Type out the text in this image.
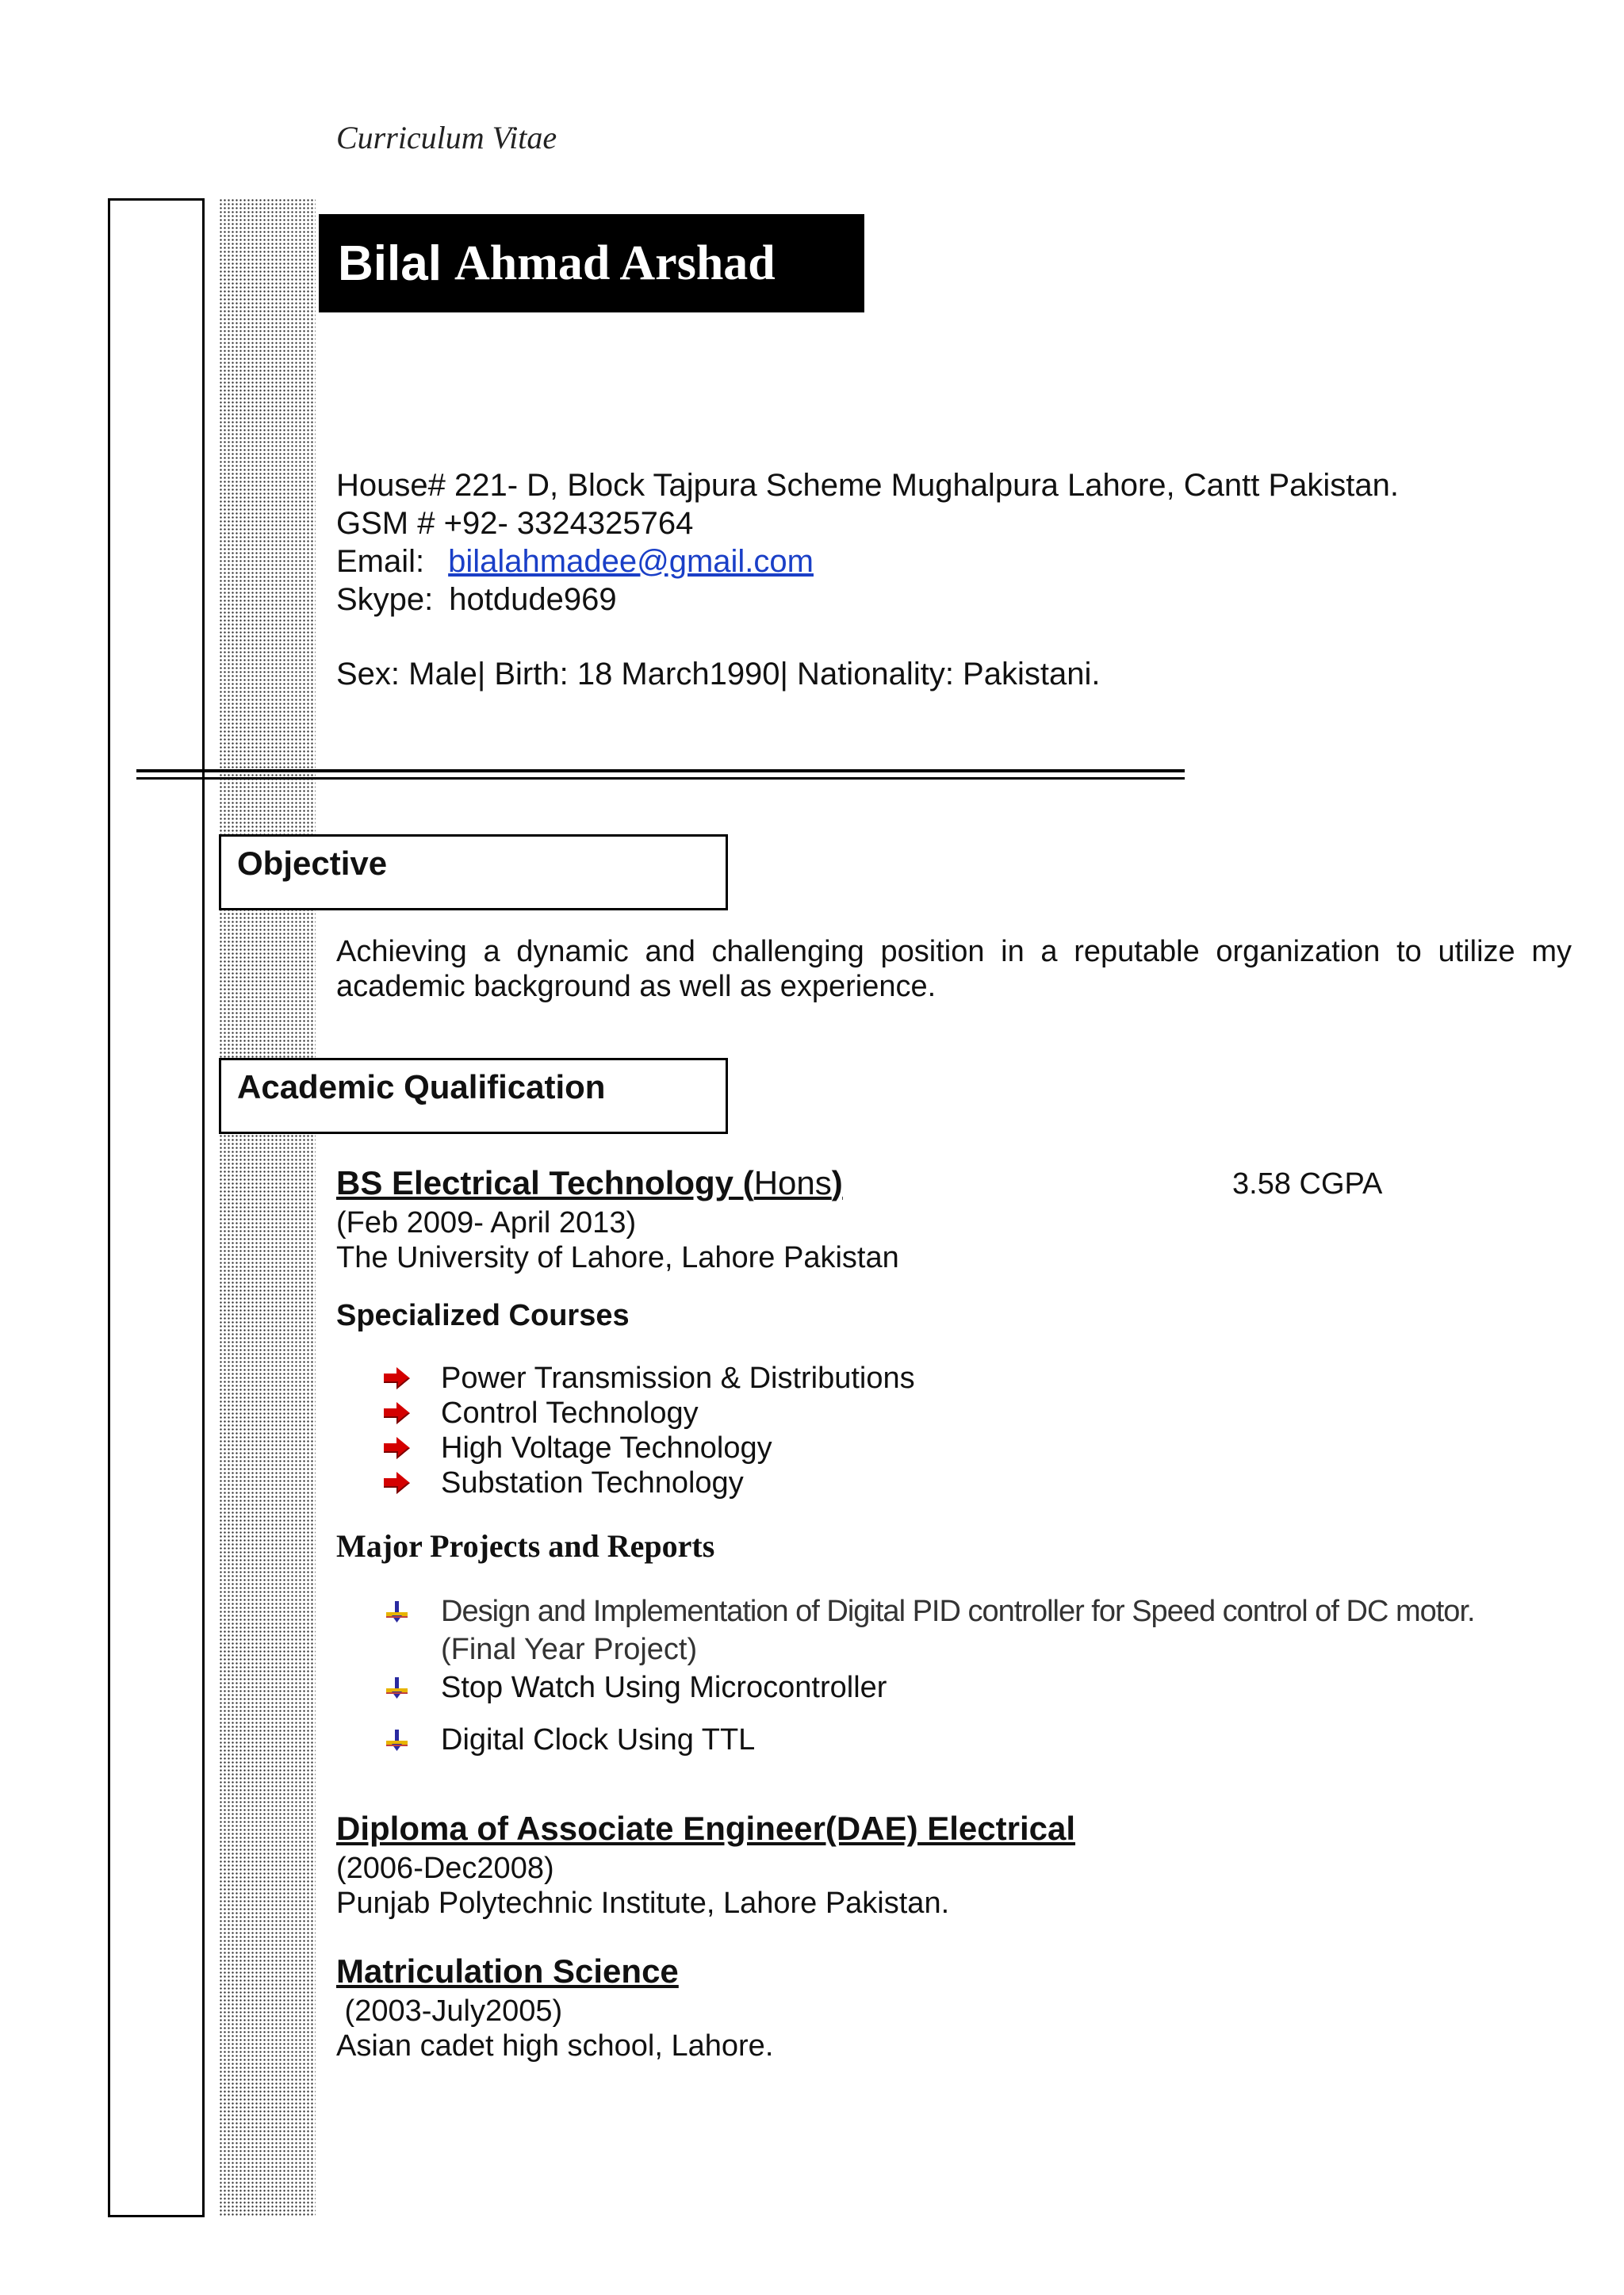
Curriculum Vitae
Bilal Ahmad Arshad
House# 221- D, Block Tajpura Scheme Mughalpura Lahore, Cantt Pakistan.
GSM # +92- 3324325764
Email: bilalahmadee@gmail.com
Skype: hotdude969
Sex: Male| Birth: 18 March1990| Nationality: Pakistani.
Objective
Achieving a dynamic and challenging position in a reputable organization to utilize my academic background as well as experience.
Academic Qualification
BS Electrical Technology (Hons)	3.58 CGPA
(Feb 2009- April 2013)
The University of Lahore, Lahore Pakistan
Specialized Courses
Power Transmission & Distributions
Control Technology
High Voltage Technology
Substation Technology
Major Projects and Reports
Design and Implementation of Digital PID controller for Speed control of DC motor.
(Final Year Project)
Stop Watch Using Microcontroller
Digital Clock Using TTL
Diploma of Associate Engineer(DAE) Electrical
(2006-Dec2008)
Punjab Polytechnic Institute, Lahore Pakistan.
Matriculation Science
(2003-July2005)
Asian cadet high school, Lahore.
